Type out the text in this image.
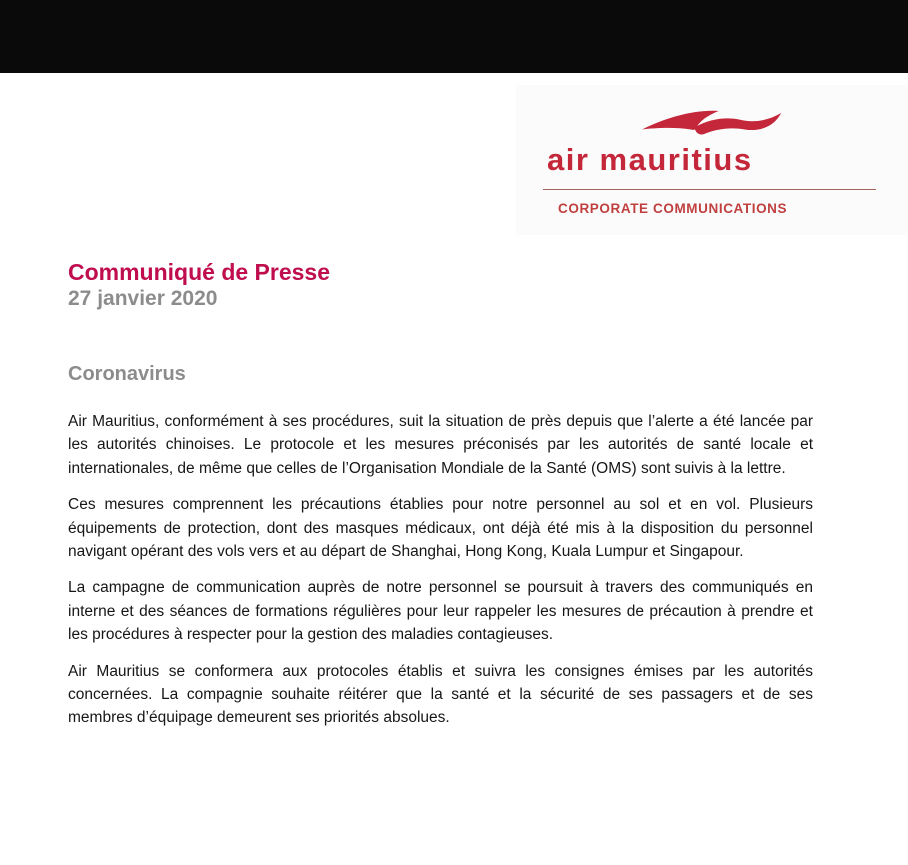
air mauritius
CORPORATE COMMUNICATIONS
Communiqué de Presse
27 janvier 2020
Coronavirus

Air Mauritius, conformément à ses procédures, suit la situation de près depuis que l’alerte a été lancée par les autorités chinoises. Le protocole et les mesures préconisés par les autorités de santé locale et internationales, de même que celles de l’Organisation Mondiale de la Santé (OMS) sont suivis à la lettre.

Ces mesures comprennent les précautions établies pour notre personnel au sol et en vol. Plusieurs équipements de protection, dont des masques médicaux, ont déjà été mis à la disposition du personnel navigant opérant des vols vers et au départ de Shanghai, Hong Kong, Kuala Lumpur et Singapour.

La campagne de communication auprès de notre personnel se poursuit à travers des communiqués en interne et des séances de formations régulières pour leur rappeler les mesures de précaution à prendre et les procédures à respecter pour la gestion des maladies contagieuses.

Air Mauritius se conformera aux protocoles établis et suivra les consignes émises par les autorités concernées. La compagnie souhaite réitérer que la santé et la sécurité de ses passagers et de ses membres d’équipage demeurent ses priorités absolues.
